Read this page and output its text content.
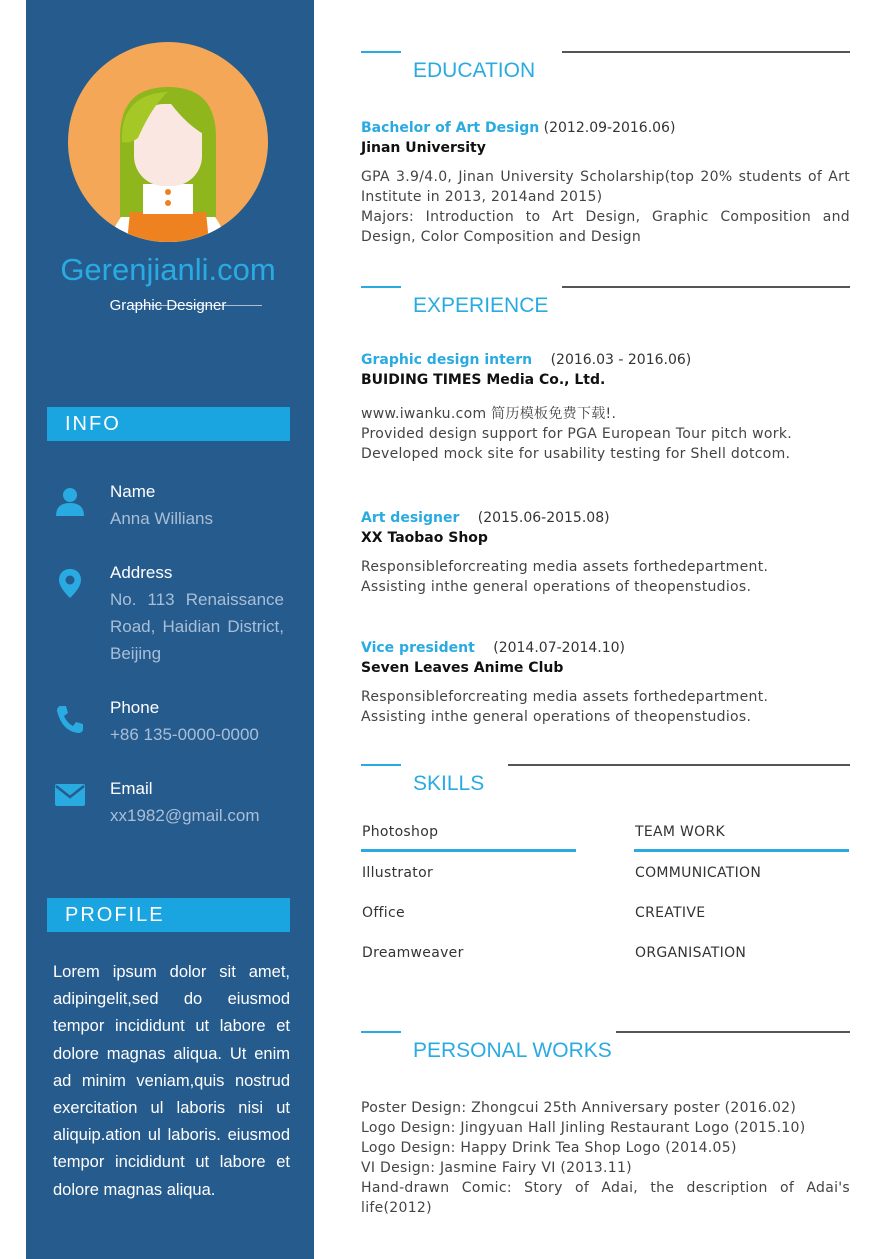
Gerenjianli.com
Graphic Designer
INFO
Name
Anna Willians
Address
No. 113 Renaissance Road, Haidian District, Beijing
Phone
+86 135-0000-0000
Email
xx1982@gmail.com
PROFILE
Lorem ipsum dolor sit amet, adipingelit,sed do eiusmod tempor incididunt ut labore et dolore magnas aliqua. Ut enim ad minim veniam,quis nostrud exercitation ul laboris nisi ut aliquip.ation ul laboris. eiusmod tempor incididunt ut labore et dolore magnas aliqua.
EDUCATION
Bachelor of Art Design (2012.09-2016.06)
Jinan University
GPA 3.9/4.0, Jinan University Scholarship(top 20% students of Art Institute in 2013, 2014and 2015)
Majors: Introduction to Art Design, Graphic Composition and Design, Color Composition and Design
EXPERIENCE
Graphic design intern (2016.03 - 2016.06)
BUIDING TIMES Media Co., Ltd.
www.iwanku.com 简历模板免费下载!.
Provided design support for PGA European Tour pitch work.
Developed mock site for usability testing for Shell dotcom.
Art designer (2015.06-2015.08)
XX Taobao Shop
Responsibleforcreating media assets forthedepartment.
Assisting inthe general operations of theopenstudios.
Vice president (2014.07-2014.10)
Seven Leaves Anime Club
Responsibleforcreating media assets forthedepartment.
Assisting inthe general operations of theopenstudios.
SKILLS
Photoshop
Illustrator
Office
Dreamweaver
TEAM WORK
COMMUNICATION
CREATIVE
ORGANISATION
PERSONAL WORKS
Poster Design: Zhongcui 25th Anniversary poster (2016.02)
Logo Design: Jingyuan Hall Jinling Restaurant Logo (2015.10)
Logo Design: Happy Drink Tea Shop Logo (2014.05)
VI Design: Jasmine Fairy VI (2013.11)
Hand-drawn Comic: Story of Adai, the description of Adai's life(2012)
